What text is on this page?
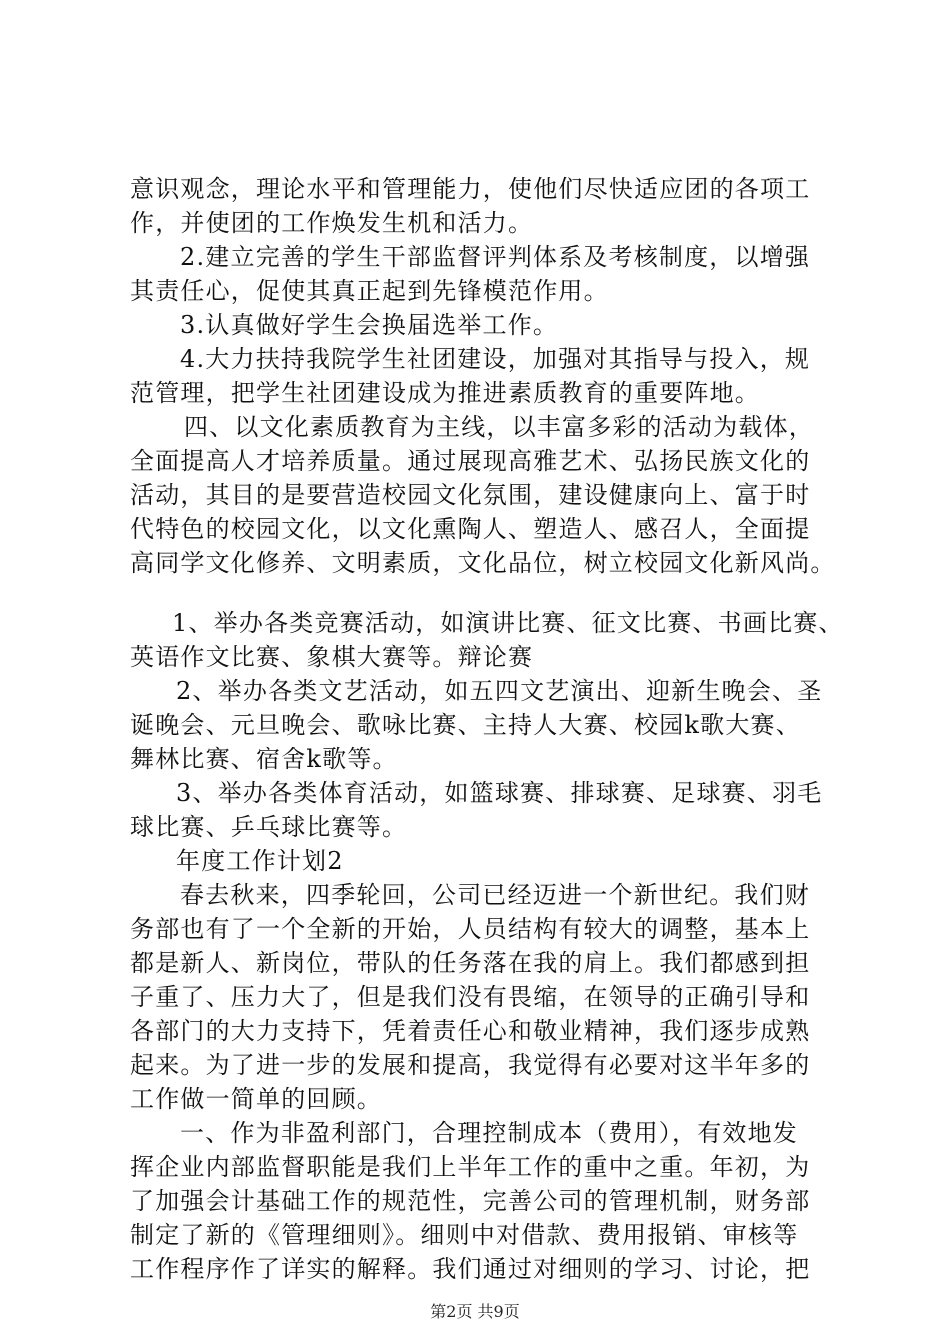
意识观念，理论水平和管理能力，使他们尽快适应团的各项工
作，并使团的工作焕发生机和活力。
2.建立完善的学生干部监督评判体系及考核制度，以增强
其责任心，促使其真正起到先锋模范作用。
3.认真做好学生会换届选举工作。
4.大力扶持我院学生社团建设，加强对其指导与投入，规
范管理，把学生社团建设成为推进素质教育的重要阵地。
四、以文化素质教育为主线，以丰富多彩的活动为载体，
全面提高人才培养质量。通过展现高雅艺术、弘扬民族文化的
活动，其目的是要营造校园文化氛围，建设健康向上、富于时
代特色的校园文化，以文化熏陶人、塑造人、感召人，全面提
高同学文化修养、文明素质，文化品位，树立校园文化新风尚。
1、举办各类竞赛活动，如演讲比赛、征文比赛、书画比赛、
英语作文比赛、象棋大赛等。辩论赛
2、举办各类文艺活动，如五四文艺演出、迎新生晚会、圣
诞晚会、元旦晚会、歌咏比赛、主持人大赛、校园k歌大赛、
舞林比赛、宿舍k歌等。
3、举办各类体育活动，如篮球赛、排球赛、足球赛、羽毛
球比赛、乒乓球比赛等。
年度工作计划2
春去秋来，四季轮回，公司已经迈进一个新世纪。我们财
务部也有了一个全新的开始，人员结构有较大的调整，基本上
都是新人、新岗位，带队的任务落在我的肩上。我们都感到担
子重了、压力大了，但是我们没有畏缩，在领导的正确引导和
各部门的大力支持下，凭着责任心和敬业精神，我们逐步成熟
起来。为了进一步的发展和提高，我觉得有必要对这半年多的
工作做一简单的回顾。
一、作为非盈利部门，合理控制成本（费用），有效地发
挥企业内部监督职能是我们上半年工作的重中之重。年初，为
了加强会计基础工作的规范性，完善公司的管理机制，财务部
制定了新的《管理细则》。细则中对借款、费用报销、审核等
工作程序作了详实的解释。我们通过对细则的学习、讨论，把
第2页 共9页
